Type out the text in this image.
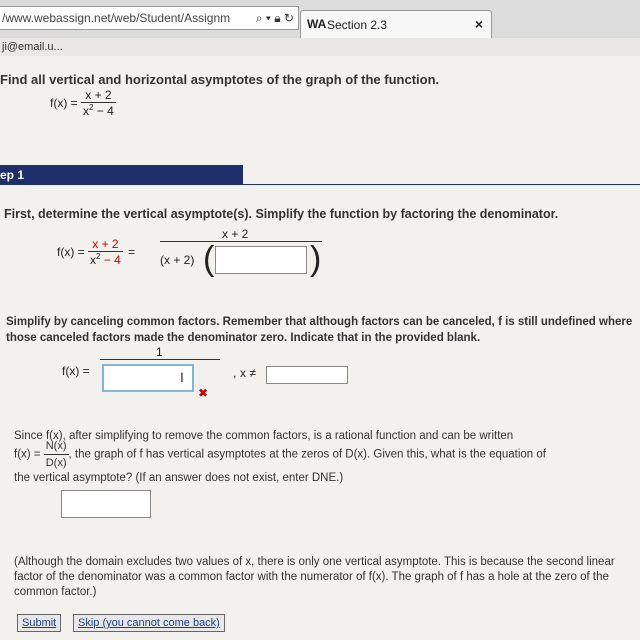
/www.webassign.net/web/Student/Assignm ⌕ ▾ 🔒︎ ↻ WA Section 2.3	×
ji@email.u...
Find all vertical and horizontal asymptotes of the graph of the function.
$f(x) = \frac{x + 2}{x^2 - 4}$
ep 1
First, determine the vertical asymptote(s). Simplify the function by factoring the denominator.
$f(x) = \frac{x + 2}{x^2 - 4}$ =
x + 2
(x + 2) (	)
Simplify by canceling common factors. Remember that although factors can be canceled, f is still undefined where those canceled factors made the denominator zero. Indicate that in the provided blank.
1
f(x) =	I
✖
, x ≠
Since f(x), after simplifying to remove the common factors, is a rational function and can be written
$f(x) = \frac{N(x)}{D(x)}$ , the graph of f has vertical asymptotes at the zeros of D(x). Given this, what is the equation of
the vertical asymptote? (If an answer does not exist, enter DNE.)
(Although the domain excludes two values of x, there is only one vertical asymptote. This is because the second linear factor of the denominator was a common factor with the numerator of f(x). The graph of f has a hole at the zero of the common factor.)
Submit	Skip (you cannot come back)
